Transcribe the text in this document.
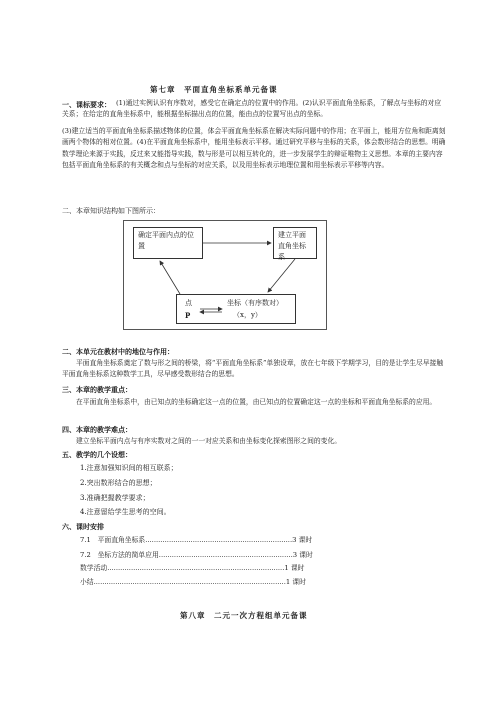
第七章　平面直角坐标系单元备课
一、课标要求： (1)通过实例认识有序数对，感受它在确定点的位置中的作用。(2)认识平面直角坐标系，了解点与坐标的对应关系；在给定的直角坐标系中，能根据坐标描出点的位置，能由点的位置写出点的坐标。
(3)建立适当的平面直角坐标系描述物体的位置，体会平面直角坐标系在解决实际问题中的作用；在平面上，能用方位角和距离刻画两个物体的相对位置。(4)在平面直角坐标系中，能用坐标表示平移。通过研究平移与坐标的关系，体会数形结合的思想。明确数学理论来源于实践，反过来又能指导实践，数与形是可以相互转化的，进一步发展学生的辩证唯物主义思想。本章的主要内容包括平面直角坐标系的有关概念和点与坐标的对应关系，以及用坐标表示地理位置和用坐标表示平移等内容。
二、本章知识结构如下图所示：
确定平面内点的位置
建立平面直角坐标系
点
P
坐标（有序数对）
（x，y）
二、本单元在教材中的地位与作用：
平面直角坐标系奠定了数与形之间的桥梁，将“平面直角坐标系”单独设章，放在七年级下学期学习，目的是让学生尽早接触平面直角坐标系这种数学工具，尽早感受数形结合的思想。
三、本章的教学重点：
在平面直角坐标系中，由已知点的坐标确定这一点的位置，由已知点的位置确定这一点的坐标和平面直角坐标系的应用。
四、本章的教学难点：
建立坐标平面内点与有序实数对之间的一一对应关系和由坐标变化探索图形之间的变化。
五、教学的几个设想：
1.注意加强知识间的相互联系；
2.突出数形结合的思想；
3.准确把握教学要求；
4.注意留给学生思考的空间。
六、课时安排
7.1　平面直角坐标系....................................................................3 课时
7.2　坐标方法的简单应用..............................................................3 课时
数学活动..................................................................................1 课时
小结.........................................................................................1 课时
第八章　二元一次方程组单元备课
